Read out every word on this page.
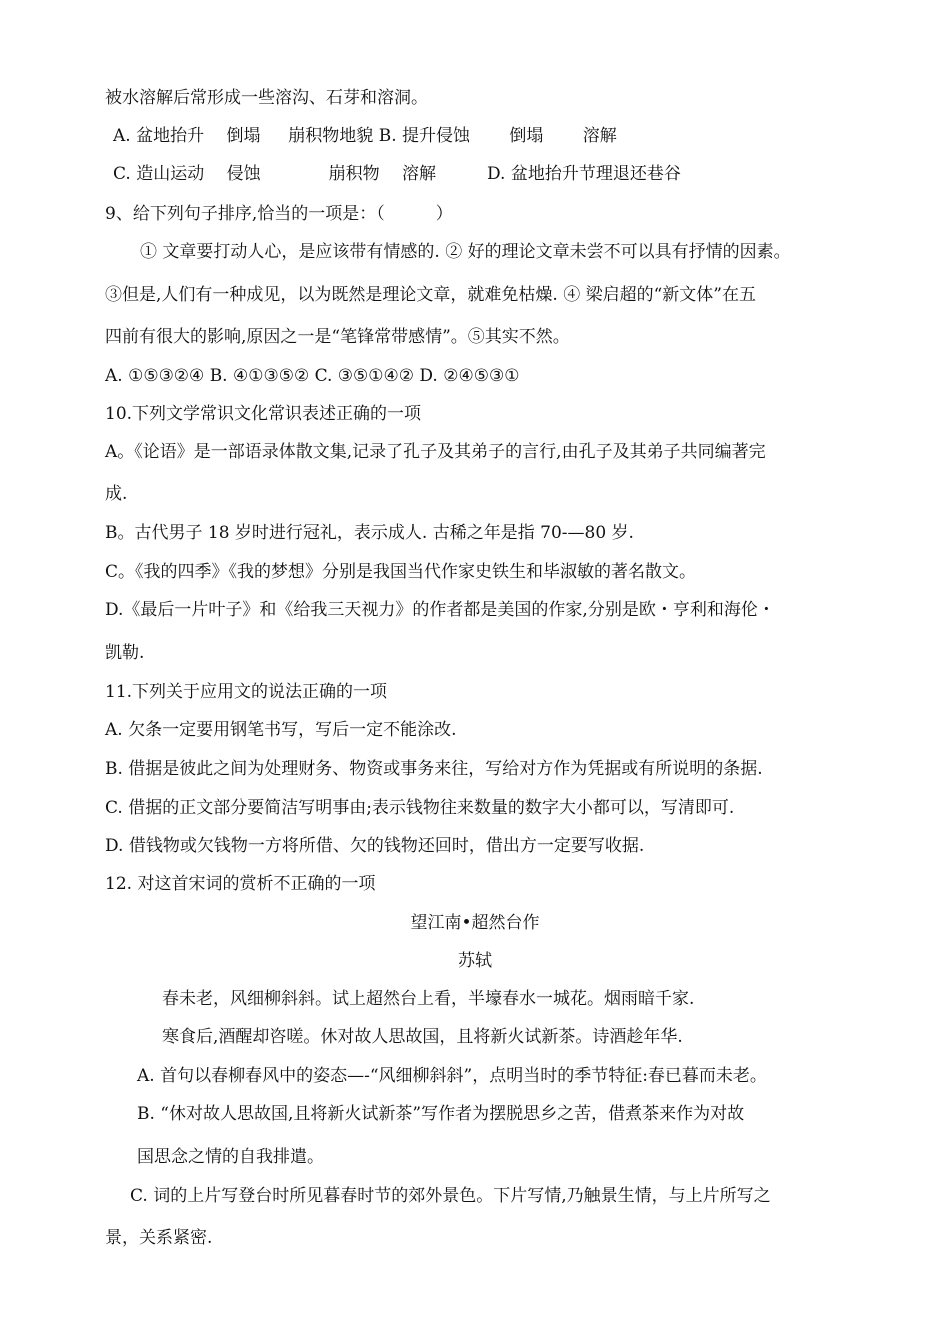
被水溶解后常形成一些溶沟、石芽和溶洞。
A. 盆地抬升　 倒塌 　 崩积物地貌 B. 提升侵蚀　 　倒塌　 　溶解
C. 造山运动　 侵蚀　　　　崩积物　 溶解　　　D. 盆地抬升节理退还巷谷
9、给下列句子排序,恰当的一项是：（　　　）
① 文章要打动人心，是应该带有情感的. ② 好的理论文章未尝不可以具有抒情的因素。
③但是,人们有一种成见，以为既然是理论文章，就难免枯燥. ④ 梁启超的“新文体”在五
四前有很大的影响,原因之一是“笔锋常带感情”。⑤其实不然。
A. ①⑤③②④ B. ④①③⑤② C. ③⑤①④② D. ②④⑤③①
10.下列文学常识文化常识表述正确的一项
A。《论语》是一部语录体散文集,记录了孔子及其弟子的言行,由孔子及其弟子共同编著完
成.
B。古代男子 18 岁时进行冠礼，表示成人. 古稀之年是指 70-—80 岁.
C。《我的四季》《我的梦想》分别是我国当代作家史铁生和毕淑敏的著名散文。
D.《最后一片叶子》和《给我三天视力》的作者都是美国的作家,分别是欧・亨利和海伦・
凯勒.
11.下列关于应用文的说法正确的一项
A. 欠条一定要用钢笔书写，写后一定不能涂改.
B. 借据是彼此之间为处理财务、物资或事务来往，写给对方作为凭据或有所说明的条据.
C. 借据的正文部分要简洁写明事由;表示钱物往来数量的数字大小都可以，写清即可.
D. 借钱物或欠钱物一方将所借、欠的钱物还回时，借出方一定要写收据.
12. 对这首宋词的赏析不正确的一项
望江南•超然台作
苏轼
春未老，风细柳斜斜。试上超然台上看，半壕春水一城花。烟雨暗千家.
寒食后,酒醒却咨嗟。休对故人思故国，且将新火试新茶。诗酒趁年华.
A. 首句以春柳春风中的姿态—-“风细柳斜斜”，点明当时的季节特征:春已暮而未老。
B. “休对故人思故国,且将新火试新茶”写作者为摆脱思乡之苦，借煮茶来作为对故
国思念之情的自我排遣。
C. 词的上片写登台时所见暮春时节的郊外景色。下片写情,乃触景生情，与上片所写之
景，关系紧密.
